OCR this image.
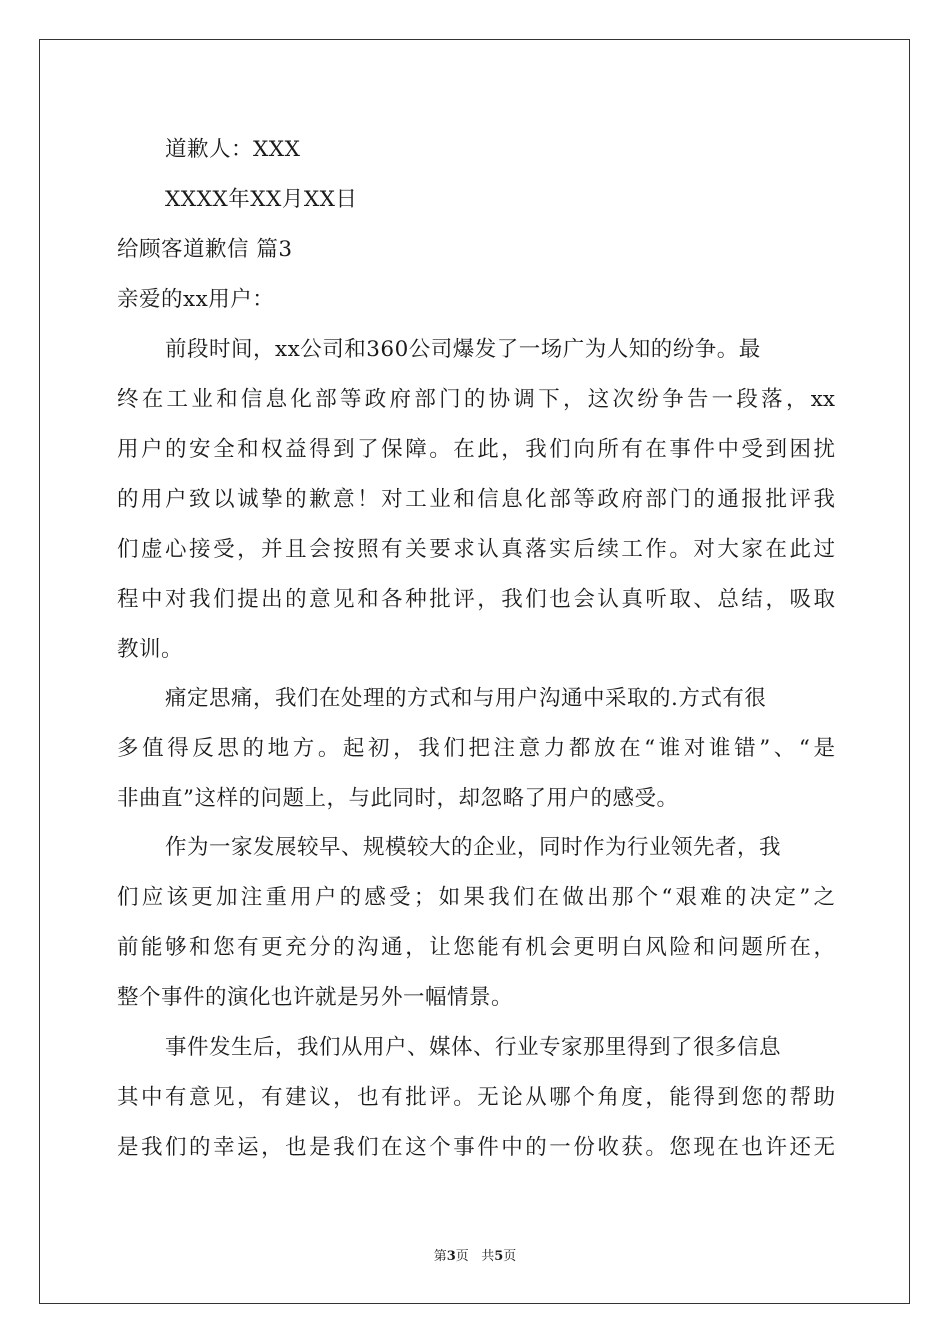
道歉人：XXX
XXXX年XX月XX日
给顾客道歉信 篇3
亲爱的xx用户：
前段时间，xx公司和360公司爆发了一场广为人知的纷争。最
终在工业和信息化部等政府部门的协调下，这次纷争告一段落，xx
用户的安全和权益得到了保障。在此，我们向所有在事件中受到困扰
的用户致以诚挚的歉意！对工业和信息化部等政府部门的通报批评我
们虚心接受，并且会按照有关要求认真落实后续工作。对大家在此过
程中对我们提出的意见和各种批评，我们也会认真听取、总结，吸取
教训。
痛定思痛，我们在处理的方式和与用户沟通中采取的.方式有很
多值得反思的地方。起初，我们把注意力都放在“谁对谁错”、“是
非曲直”这样的问题上，与此同时，却忽略了用户的感受。
作为一家发展较早、规模较大的企业，同时作为行业领先者，我
们应该更加注重用户的感受；如果我们在做出那个“艰难的决定”之
前能够和您有更充分的沟通，让您能有机会更明白风险和问题所在，
整个事件的演化也许就是另外一幅情景。
事件发生后，我们从用户、媒体、行业专家那里得到了很多信息
其中有意见，有建议，也有批评。无论从哪个角度，能得到您的帮助
是我们的幸运，也是我们在这个事件中的一份收获。您现在也许还无
第3页   共5页
